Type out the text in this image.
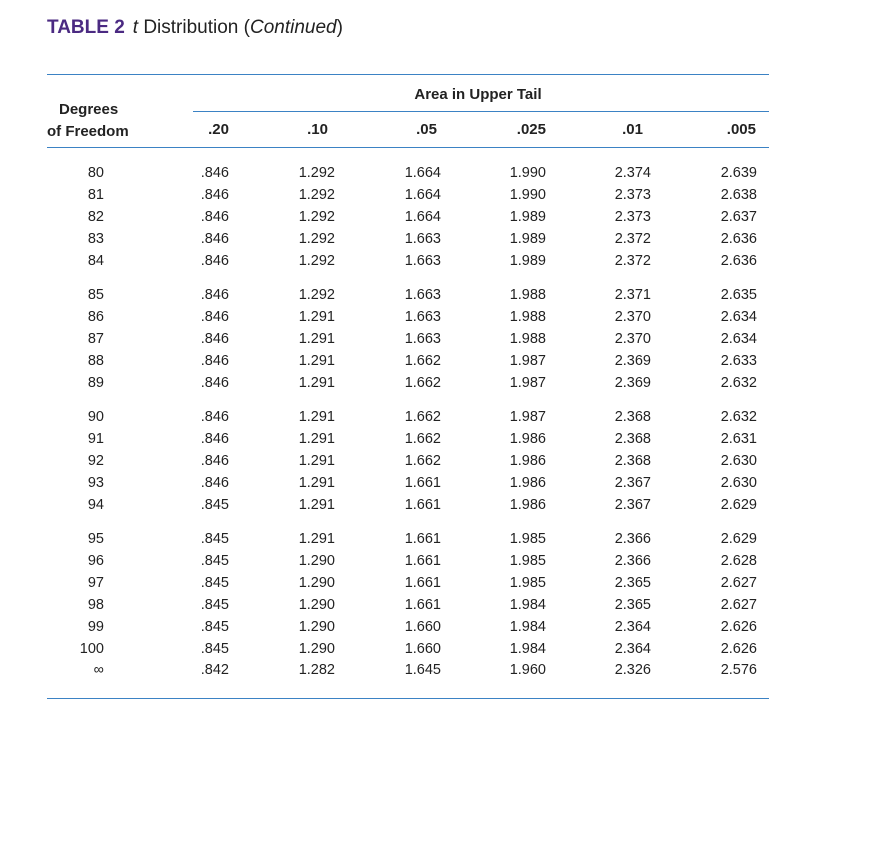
TABLE 2 t Distribution (Continued)
Area in Upper Tail
Degrees
of Freedom	.20	.10	.05	.025	.01	.005
80	.846	1.292	1.664	1.990	2.374	2.639
81	.846	1.292	1.664	1.990	2.373	2.638
82	.846	1.292	1.664	1.989	2.373	2.637
83	.846	1.292	1.663	1.989	2.372	2.636
84	.846	1.292	1.663	1.989	2.372	2.636
85	.846	1.292	1.663	1.988	2.371	2.635
86	.846	1.291	1.663	1.988	2.370	2.634
87	.846	1.291	1.663	1.988	2.370	2.634
88	.846	1.291	1.662	1.987	2.369	2.633
89	.846	1.291	1.662	1.987	2.369	2.632
90	.846	1.291	1.662	1.987	2.368	2.632
91	.846	1.291	1.662	1.986	2.368	2.631
92	.846	1.291	1.662	1.986	2.368	2.630
93	.846	1.291	1.661	1.986	2.367	2.630
94	.845	1.291	1.661	1.986	2.367	2.629
95	.845	1.291	1.661	1.985	2.366	2.629
96	.845	1.290	1.661	1.985	2.366	2.628
97	.845	1.290	1.661	1.985	2.365	2.627
98	.845	1.290	1.661	1.984	2.365	2.627
99	.845	1.290	1.660	1.984	2.364	2.626
100	.845	1.290	1.660	1.984	2.364	2.626
∞	.842	1.282	1.645	1.960	2.326	2.576
